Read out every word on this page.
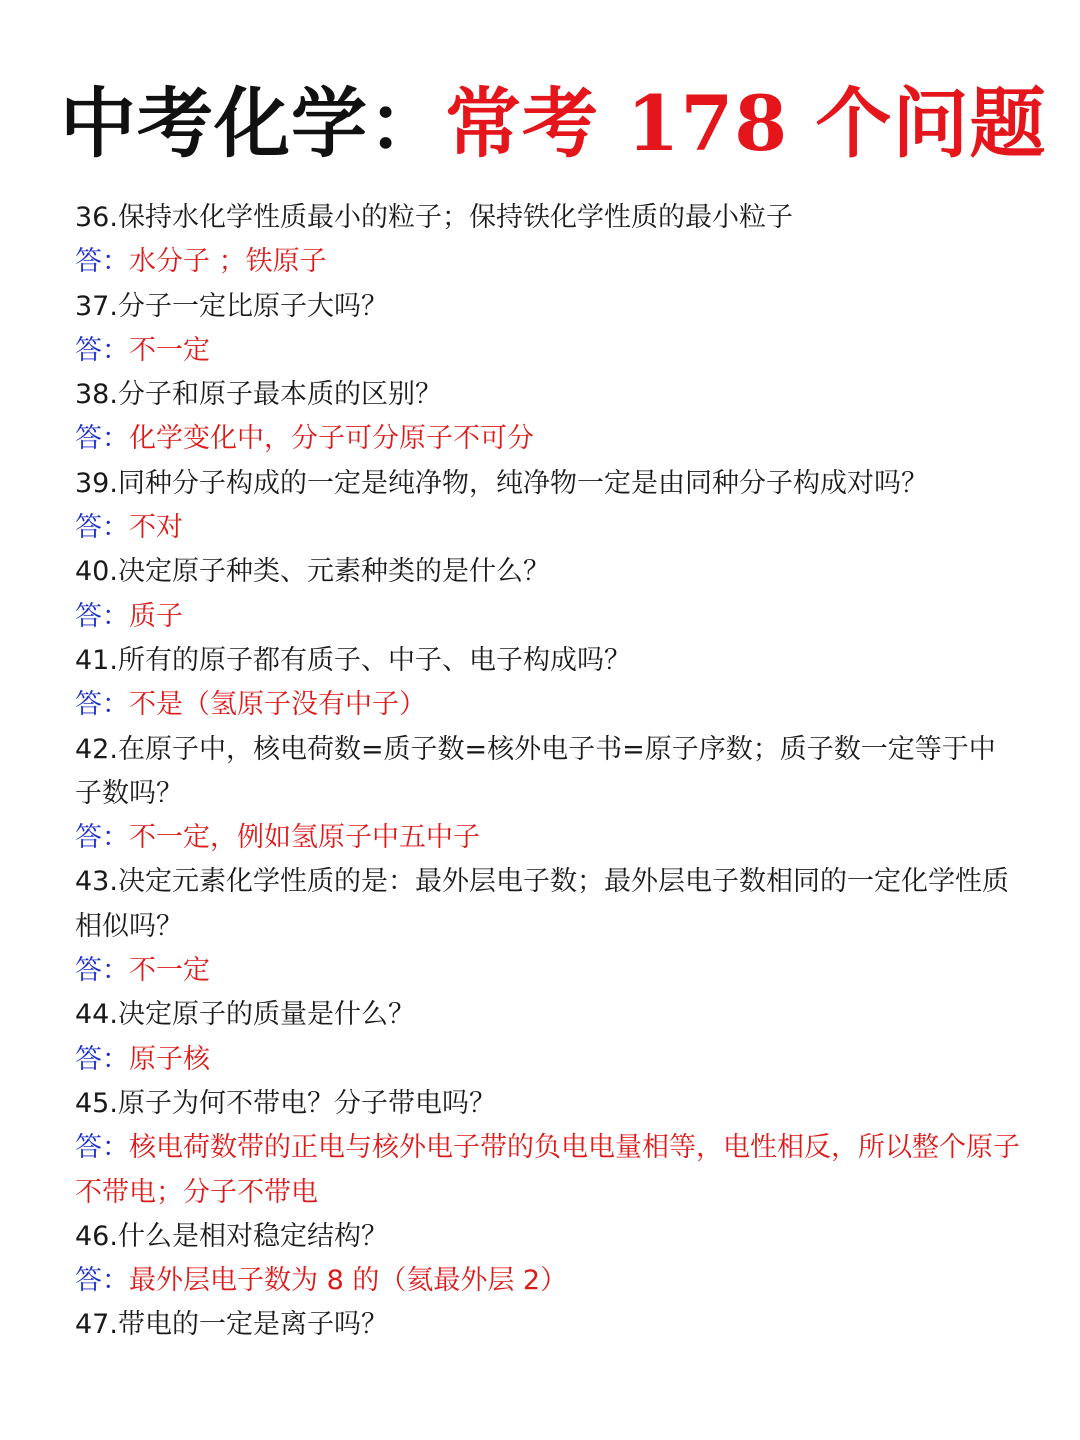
中考化学：常考 178 个问题
36.保持水化学性质最小的粒子；保持铁化学性质的最小粒子
答：水分子 ；铁原子
37.分子一定比原子大吗？
答：不一定
38.分子和原子最本质的区别？
答：化学变化中，分子可分原子不可分
39.同种分子构成的一定是纯净物，纯净物一定是由同种分子构成对吗？
答：不对
40.决定原子种类、元素种类的是什么？
答：质子
41.所有的原子都有质子、中子、电子构成吗？
答：不是（氢原子没有中子）
42.在原子中，核电荷数=质子数=核外电子书=原子序数；质子数一定等于中子数吗？
答：不一定，例如氢原子中五中子
43.决定元素化学性质的是：最外层电子数；最外层电子数相同的一定化学性质相似吗？
答：不一定
44.决定原子的质量是什么？
答：原子核
45.原子为何不带电？分子带电吗？
答：核电荷数带的正电与核外电子带的负电电量相等，电性相反，所以整个原子不带电；分子不带电
46.什么是相对稳定结构？
答：最外层电子数为 8 的（氦最外层 2）
47.带电的一定是离子吗？
